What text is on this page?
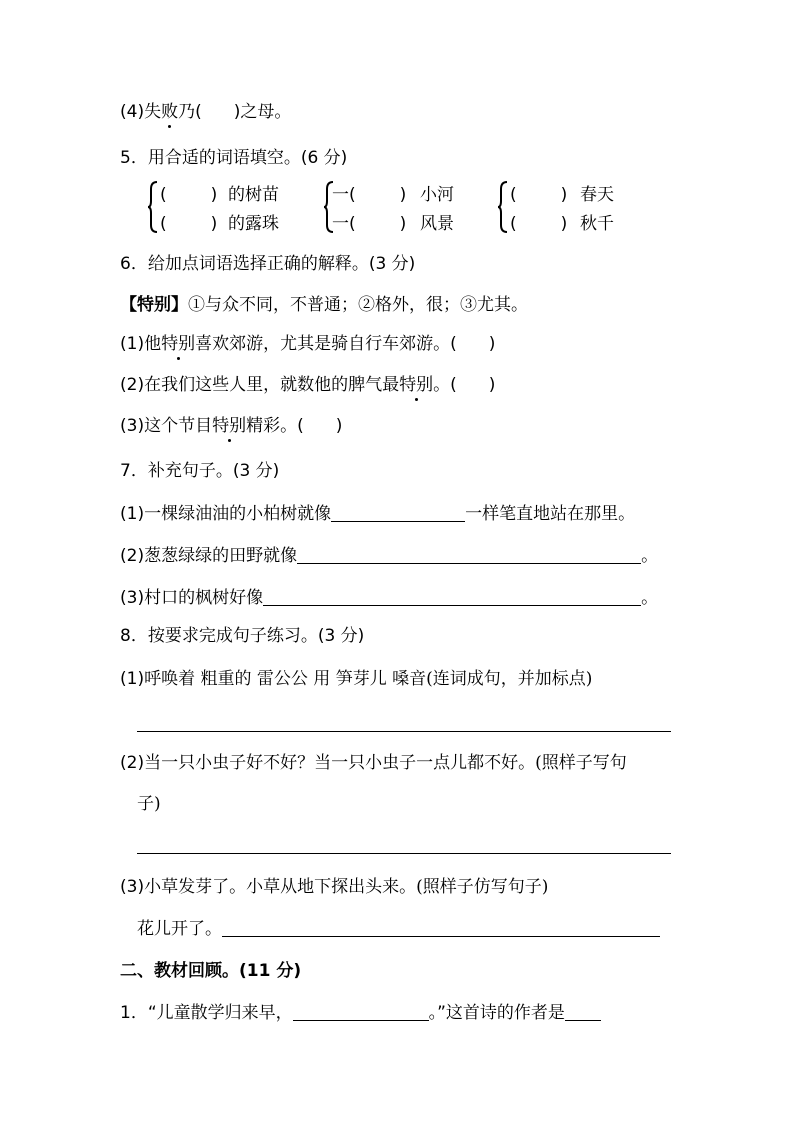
(4)失败乃( )之母。
5．用合适的词语填空。(6 分)
(	) 的树苗
(	) 的露珠
一(	) 小河
一(	) 风景
(	) 春天
(	) 秋千
6．给加点词语选择正确的解释。(3 分)
【特别】①与众不同，不普通；②格外，很；③尤其。
(1)他特别喜欢郊游，尤其是骑自行车郊游。( )
(2)在我们这些人里，就数他的脾气最特别。( )
(3)这个节目特别精彩。( )
7．补充句子。(3 分)
(1)一棵绿油油的小柏树就像	一样笔直地站在那里。
(2)葱葱绿绿的田野就像	。
(3)村口的枫树好像	。
8．按要求完成句子练习。(3 分)
(1)呼唤着 粗重的 雷公公 用 笋芽儿 嗓音(连词成句，并加标点)
(2)当一只小虫子好不好？当一只小虫子一点儿都不好。(照样子写句
子)
(3)小草发芽了。小草从地下探出头来。(照样子仿写句子)
花儿开了。
二、教材回顾。(11 分)
1．“儿童散学归来早，	。”这首诗的作者是
